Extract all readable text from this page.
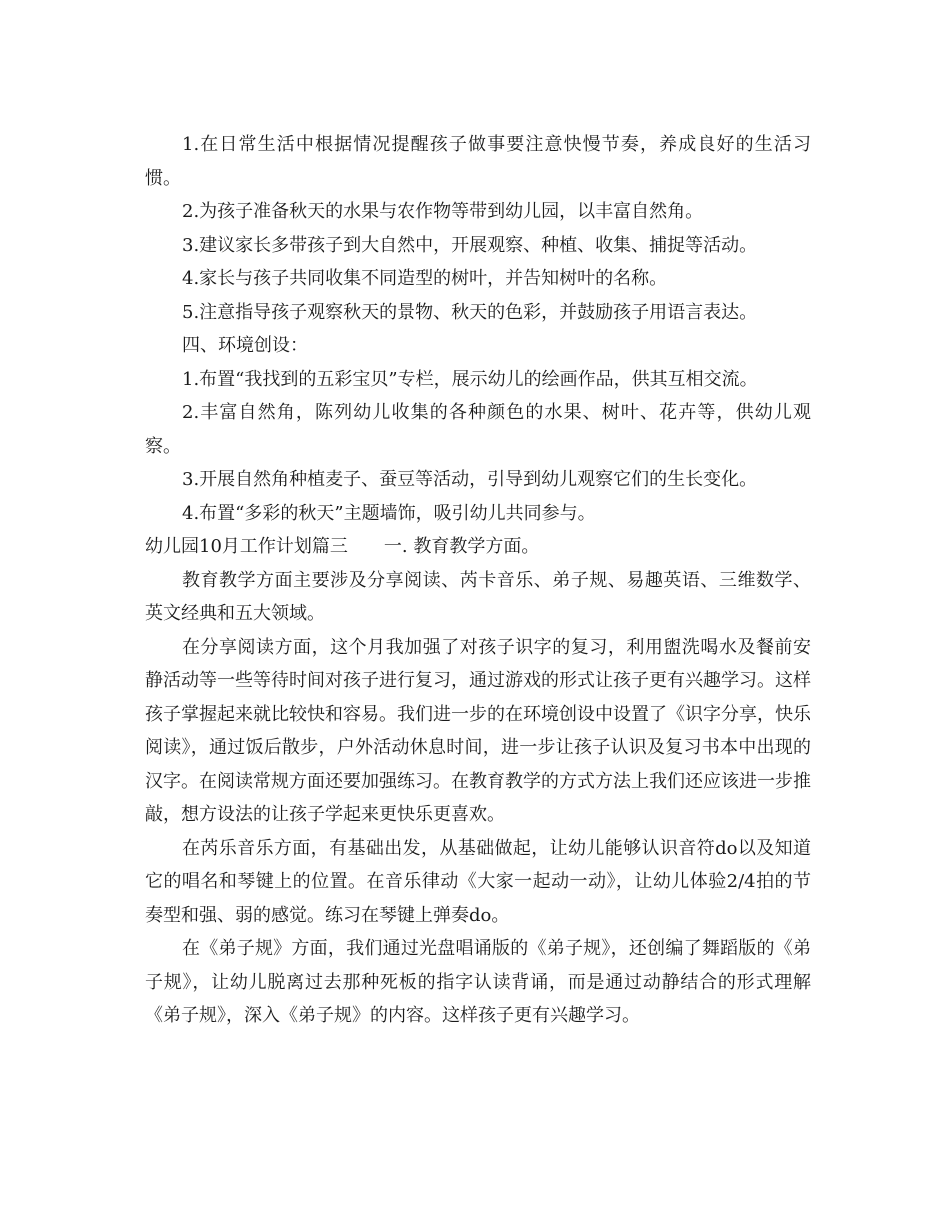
1.在日常生活中根据情况提醒孩子做事要注意快慢节奏，养成良好的生活习惯。

2.为孩子准备秋天的水果与农作物等带到幼儿园，以丰富自然角。

3.建议家长多带孩子到大自然中，开展观察、种植、收集、捕捉等活动。

4.家长与孩子共同收集不同造型的树叶，并告知树叶的名称。

5.注意指导孩子观察秋天的景物、秋天的色彩，并鼓励孩子用语言表达。

四、环境创设：

1.布置“我找到的五彩宝贝”专栏，展示幼儿的绘画作品，供其互相交流。

2.丰富自然角，陈列幼儿收集的各种颜色的水果、树叶、花卉等，供幼儿观察。

3.开展自然角种植麦子、蚕豆等活动，引导到幼儿观察它们的生长变化。

4.布置“多彩的秋天”主题墙饰，吸引幼儿共同参与。

幼儿园10月工作计划篇三　　一. 教育教学方面。

教育教学方面主要涉及分享阅读、芮卡音乐、弟子规、易趣英语、三维数学、英文经典和五大领域。

在分享阅读方面，这个月我加强了对孩子识字的复习，利用盥洗喝水及餐前安静活动等一些等待时间对孩子进行复习，通过游戏的形式让孩子更有兴趣学习。这样孩子掌握起来就比较快和容易。我们进一步的在环境创设中设置了《识字分享，快乐阅读》，通过饭后散步，户外活动休息时间，进一步让孩子认识及复习书本中出现的汉字。在阅读常规方面还要加强练习。在教育教学的方式方法上我们还应该进一步推敲，想方设法的让孩子学起来更快乐更喜欢。

在芮乐音乐方面，有基础出发，从基础做起，让幼儿能够认识音符do以及知道它的唱名和琴键上的位置。在音乐律动《大家一起动一动》，让幼儿体验2/4拍的节奏型和强、弱的感觉。练习在琴键上弹奏do。

在《弟子规》方面，我们通过光盘唱诵版的《弟子规》，还创编了舞蹈版的《弟子规》，让幼儿脱离过去那种死板的指字认读背诵，而是通过动静结合的形式理解《弟子规》，深入《弟子规》的内容。这样孩子更有兴趣学习。
